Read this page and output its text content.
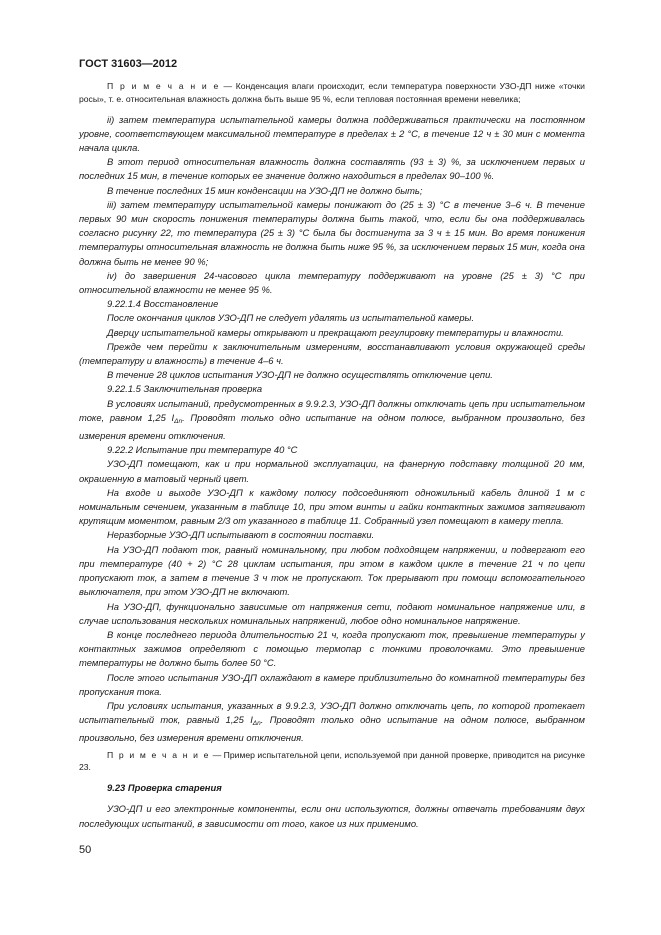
ГОСТ 31603—2012

П р и м е ч а н и е — Конденсация влаги происходит, если температура поверхности УЗО-ДП ниже «точки росы», т. е. относительная влажность должна быть выше 95 %, если тепловая постоянная времени невелика;

ii) затем температура испытательной камеры должна поддерживаться практически на постоянном уровне, соответствующем максимальной температуре в пределах ± 2 °C, в течение 12 ч ± 30 мин с момента начала цикла.

В этот период относительная влажность должна составлять (93 ± 3) %, за исключением первых и последних 15 мин, в течение которых ее значение должно находиться в пределах 90–100 %.

В течение последних 15 мин конденсации на УЗО-ДП не должно быть;

iii) затем температуру испытательной камеры понижают до (25 ± 3) °C в течение 3–6 ч. В течение первых 90 мин скорость понижения температуры должна быть такой, что, если бы она поддерживалась согласно рисунку 22, то температура (25 ± 3) °C была бы достигнута за 3 ч ± 15 мин. Во время понижения температуры относительная влажность не должна быть ниже 95 %, за исключением первых 15 мин, когда она должна быть не менее 90 %;

iv) до завершения 24-часового цикла температуру поддерживают на уровне (25 ± 3) °C при относительной влажности не менее 95 %.

9.22.1.4 Восстановление

После окончания циклов УЗО-ДП не следует удалять из испытательной камеры.

Дверцу испытательной камеры открывают и прекращают регулировку температуры и влажности.

Прежде чем перейти к заключительным измерениям, восстанавливают условия окружающей среды (температуру и влажность) в течение 4–6 ч.

В течение 28 циклов испытания УЗО-ДП не должно осуществлять отключение цепи.

9.22.1.5 Заключительная проверка

В условиях испытаний, предусмотренных в 9.9.2.3, УЗО-ДП должны отключать цепь при испытательном токе, равном 1,25 $I_{\Delta n}$. Проводят только одно испытание на одном полюсе, выбранном произвольно, без измерения времени отключения.

9.22.2 Испытание при температуре 40 °C

УЗО-ДП помещают, как и при нормальной эксплуатации, на фанерную подставку толщиной 20 мм, окрашенную в матовый черный цвет.

На входе и выходе УЗО-ДП к каждому полюсу подсоединяют одножильный кабель длиной 1 м с номинальным сечением, указанным в таблице 10, при этом винты и гайки контактных зажимов затягивают крутящим моментом, равным 2/3 от указанного в таблице 11. Собранный узел помещают в камеру тепла.

Неразборные УЗО-ДП испытывают в состоянии поставки.

На УЗО-ДП подают ток, равный номинальному, при любом подходящем напряжении, и подвергают его при температуре (40 + 2) °C 28 циклам испытания, при этом в каждом цикле в течение 21 ч по цепи пропускают ток, а затем в течение 3 ч ток не пропускают. Ток прерывают при помощи вспомогательного выключателя, при этом УЗО-ДП не включают.

На УЗО-ДП, функционально зависимые от напряжения сети, подают номинальное напряжение или, в случае использования нескольких номинальных напряжений, любое одно номинальное напряжение.

В конце последнего периода длительностью 21 ч, когда пропускают ток, превышение температуры у контактных зажимов определяют с помощью термопар с тонкими проволочками. Это превышение температуры не должно быть более 50 °C.

После этого испытания УЗО-ДП охлаждают в камере приблизительно до комнатной температуры без пропускания тока.

При условиях испытания, указанных в 9.9.2.3, УЗО-ДП должно отключать цепь, по которой протекает испытательный ток, равный 1,25 $I_{\Delta n}$. Проводят только одно испытание на одном полюсе, выбранном произвольно, без измерения времени отключения.

П р и м е ч а н и е — Пример испытательной цепи, используемой при данной проверке, приводится на рисунке 23.

9.23 Проверка старения

УЗО-ДП и его электронные компоненты, если они используются, должны отвечать требованиям двух последующих испытаний, в зависимости от того, какое из них применимо.

50
